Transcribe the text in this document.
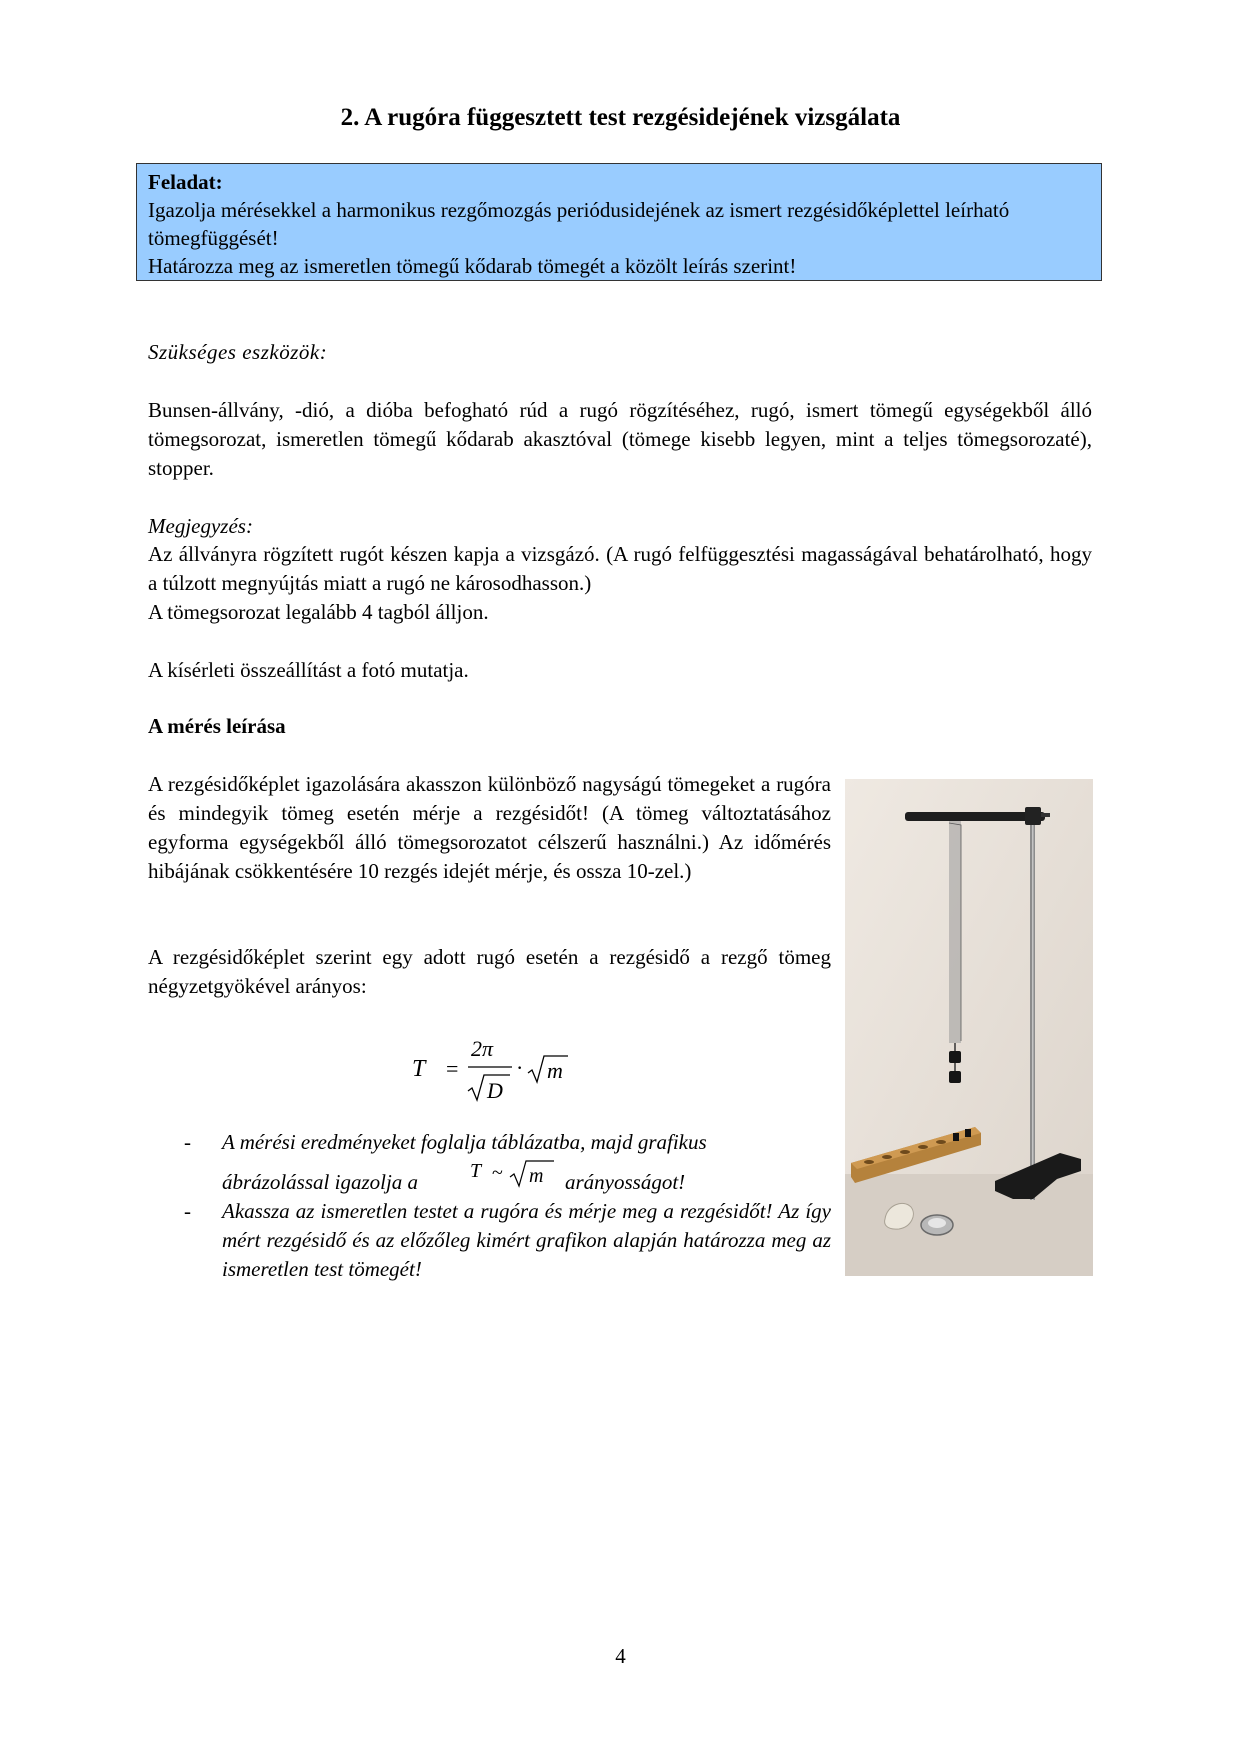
2. A rugóra függesztett test rezgésidejének vizsgálata
Feladat:
Igazolja mérésekkel a harmonikus rezgőmozgás periódusidejének az ismert rezgésidőképlettel leírható tömegfüggését!
Határozza meg az ismeretlen tömegű kődarab tömegét a közölt leírás szerint!
Szükséges eszközök:
Bunsen-állvány, -dió, a dióba befogható rúd a rugó rögzítéséhez, rugó, ismert tömegű egységekből álló tömegsorozat, ismeretlen tömegű kődarab akasztóval (tömege kisebb legyen, mint a teljes tömegsorozaté), stopper.
Megjegyzés:
Az állványra rögzített rugót készen kapja a vizsgázó. (A rugó felfüggesztési magasságával behatárolható, hogy a túlzott megnyújtás miatt a rugó ne károsodhasson.)
A tömegsorozat legalább 4 tagból álljon.
A kísérleti összeállítást a fotó mutatja.
A mérés leírása
A rezgésidőképlet igazolására akasszon különböző nagyságú tömegeket a rugóra és mindegyik tömeg esetén mérje a rezgésidőt! (A tömeg változtatásához egyforma egységekből álló tömegsorozatot célszerű használni.) Az időmérés hibájának csökkentésére 10 rezgés idejét mérje, és ossza 10-zel.)
A rezgésidőképlet szerint egy adott rugó esetén a rezgésidő a rezgő tömeg négyzetgyökével arányos:
T =
2π
D
· m
- A mérési eredményeket foglalja táblázatba, majd grafikus
ábrázolással igazolja a	T ~ m arányosságot!
- Akassza az ismeretlen testet a rugóra és mérje meg a rezgésidőt! Az így mért rezgésidő és az előzőleg kimért grafikon alapján határozza meg az ismeretlen test tömegét!
4
